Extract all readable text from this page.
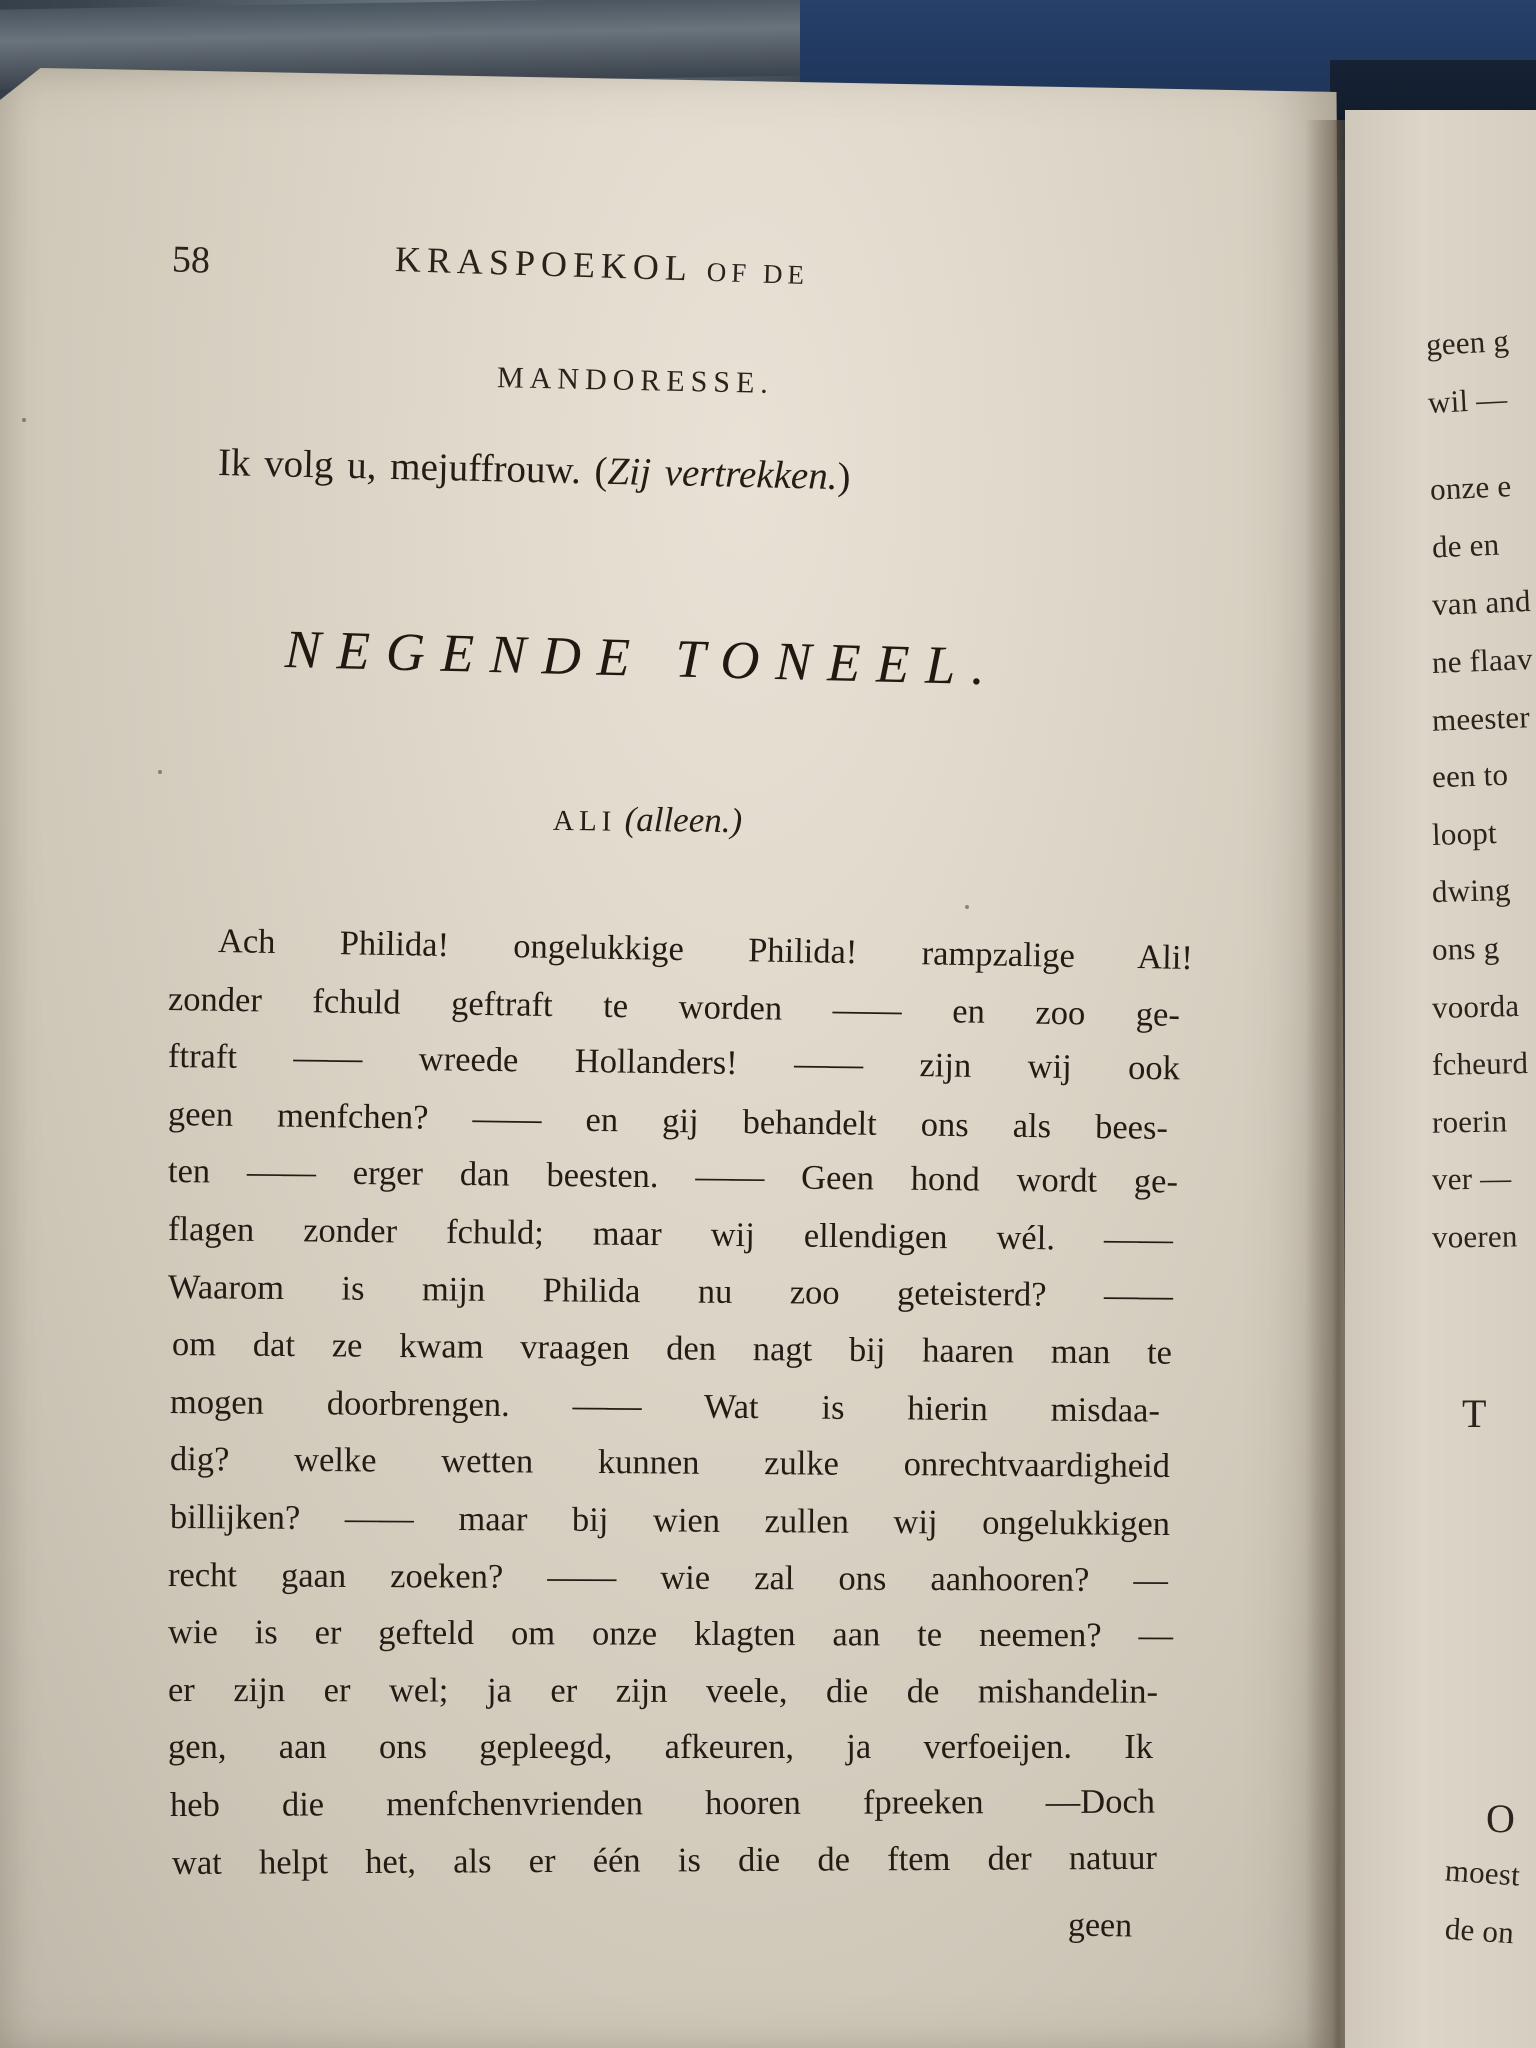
58	KRASPOEKOL OF DE
MANDORESSE.
Ik volg u, mejuffrouw. (Zij vertrekken.)
NEGENDE TONEEL.
ALI (alleen.)
Ach Philida! ongelukkige Philida! rampzalige Ali!
zonder fchuld geftraft te worden —— en zoo ge-
ftraft —— wreede Hollanders! —— zijn wij ook
geen menfchen? —— en gij behandelt ons als bees-
ten —— erger dan beesten. —— Geen hond wordt ge-
flagen zonder fchuld; maar wij ellendigen wél. ——
Waarom is mijn Philida nu zoo geteisterd? ——
om dat ze kwam vraagen den nagt bij haaren man te
mogen doorbrengen. —— Wat is hierin misdaa-
dig? welke wetten kunnen zulke onrechtvaardigheid
billijken? —— maar bij wien zullen wij ongelukkigen
recht gaan zoeken? —— wie zal ons aanhooren? —
wie is er gefteld om onze klagten aan te neemen? —
er zijn er wel; ja er zijn veele, die de mishandelin-
gen, aan ons gepleegd, afkeuren, ja verfoeijen. Ik
heb die menfchenvrienden hooren fpreeken —Doch
wat helpt het, als er één is die de ftem der natuur
geen
geen g
wil —
onze e
de en
van and
ne flaav
meester
een to
loopt
dwing
ons g
voorda
fcheurd
roerin
ver —
voeren
T
O
moest
de on
